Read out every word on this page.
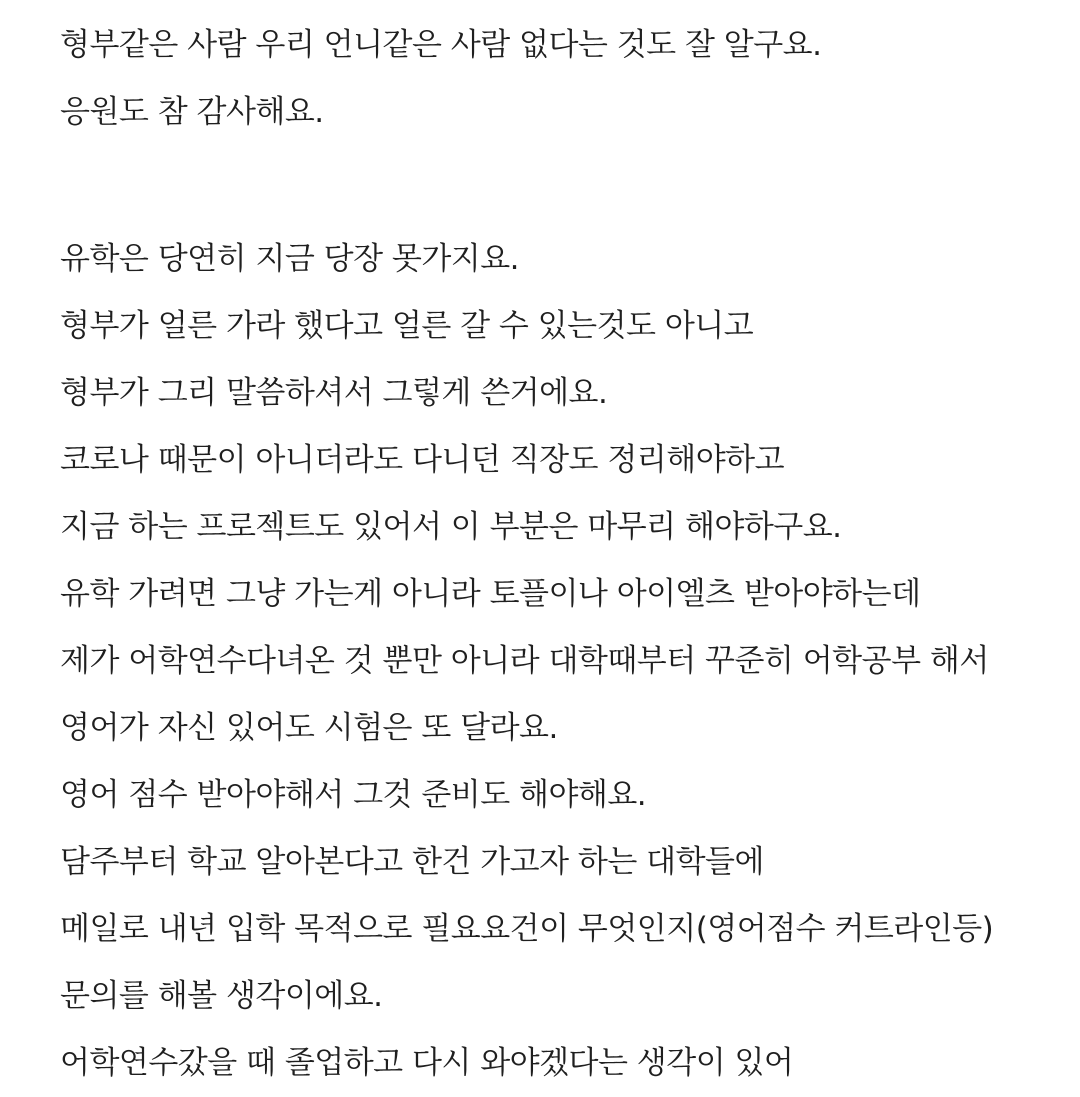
형부같은 사람 우리 언니같은 사람 없다는 것도 잘 알구요.
응원도 참 감사해요.
유학은 당연히 지금 당장 못가지요.
형부가 얼른 가라 했다고 얼른 갈 수 있는것도 아니고
형부가 그리 말씀하셔서 그렇게 쓴거에요.
코로나 때문이 아니더라도 다니던 직장도 정리해야하고
지금 하는 프로젝트도 있어서 이 부분은 마무리 해야하구요.
유학 가려면 그냥 가는게 아니라 토플이나 아이엘츠 받아야하는데
제가 어학연수다녀온 것 뿐만 아니라 대학때부터 꾸준히 어학공부 해서
영어가 자신 있어도 시험은 또 달라요.
영어 점수 받아야해서 그것 준비도 해야해요.
담주부터 학교 알아본다고 한건 가고자 하는 대학들에
메일로 내년 입학 목적으로 필요요건이 무엇인지(영어점수 커트라인등)
문의를 해볼 생각이에요.
어학연수갔을 때 졸업하고 다시 와야겠다는 생각이 있어
